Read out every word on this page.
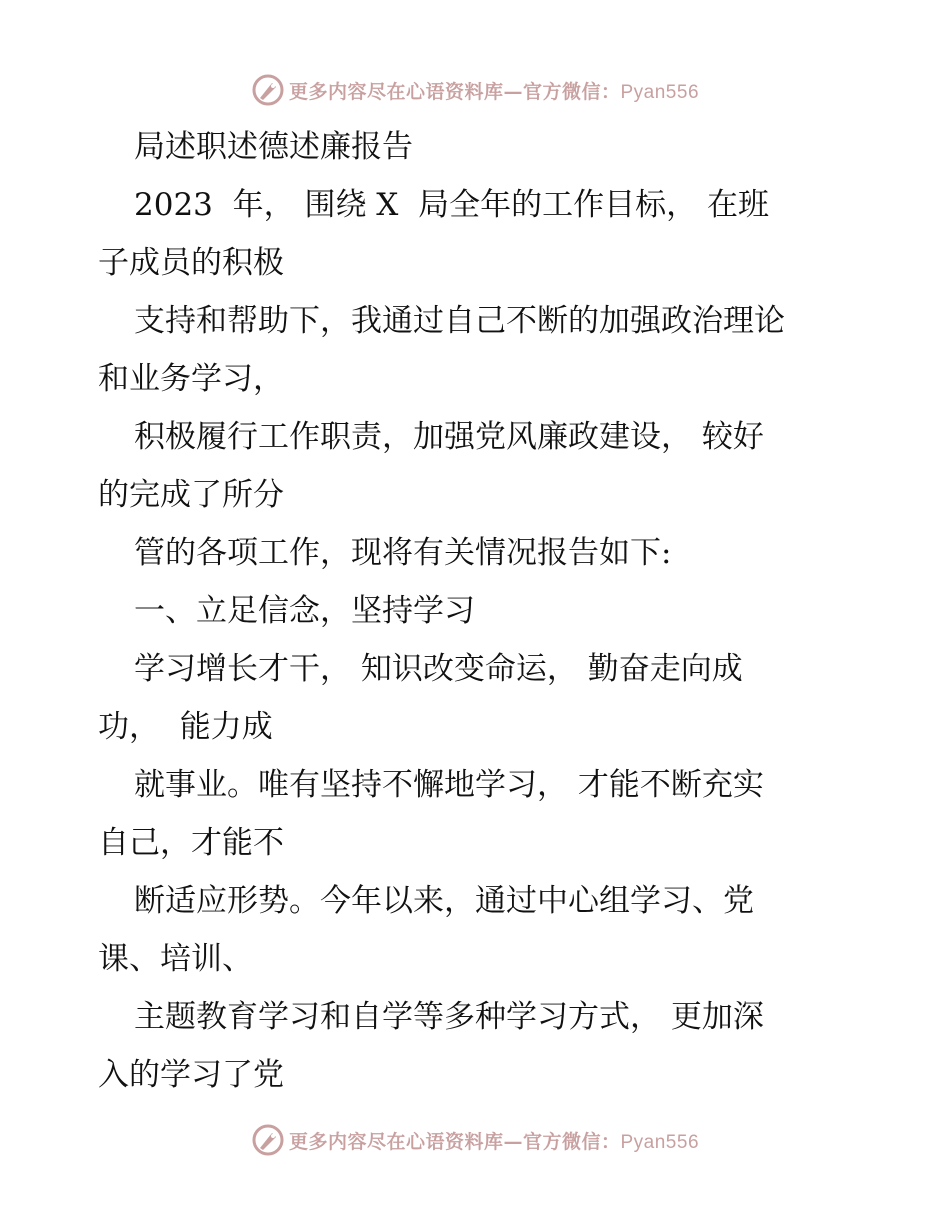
更多内容尽在心语资料库—官方微信：Pyan556
局述职述德述廉报告
2023  年， 围绕 X  局全年的工作目标， 在班
子成员的积极
支持和帮助下，我通过自己不断的加强政治理论
和业务学习，
积极履行工作职责，加强党风廉政建设， 较好
的完成了所分
管的各项工作，现将有关情况报告如下:
一、立足信念，坚持学习
学习增长才干， 知识改变命运， 勤奋走向成
功，  能力成
就事业。唯有坚持不懈地学习， 才能不断充实
自己，才能不
断适应形势。今年以来，通过中心组学习、党
课、培训、
主题教育学习和自学等多种学习方式， 更加深
入的学习了党
更多内容尽在心语资料库—官方微信：Pyan556
